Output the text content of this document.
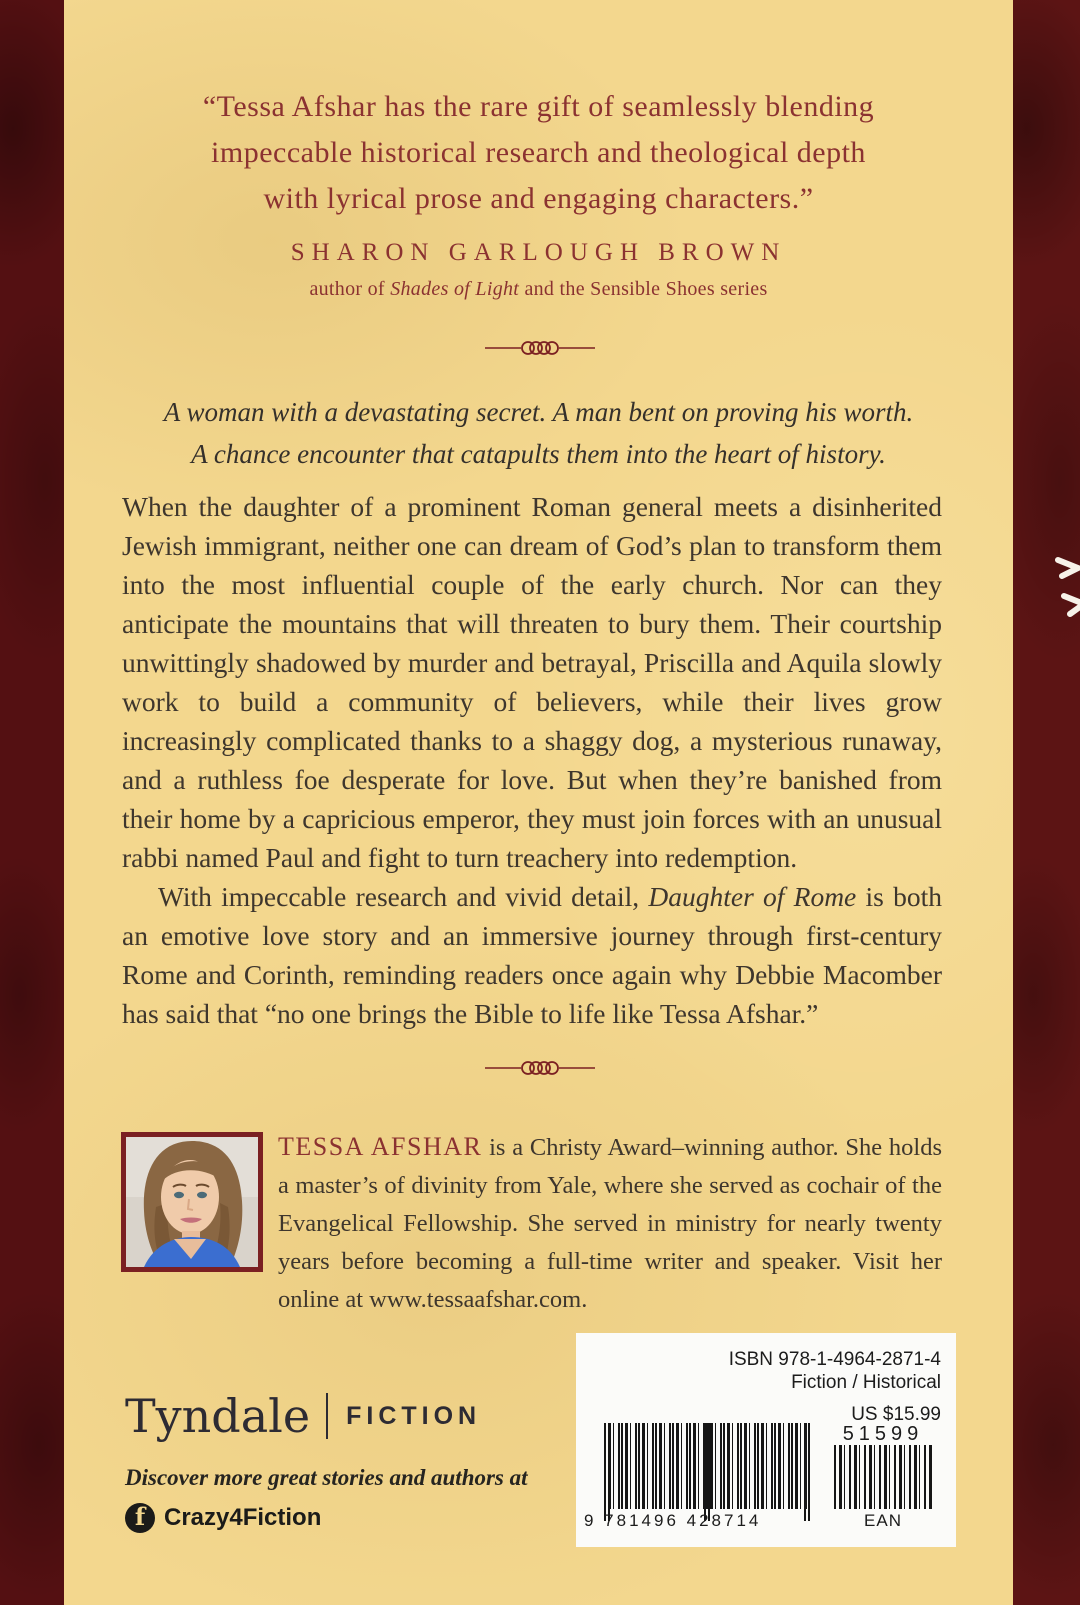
“Tessa Afshar has the rare gift of seamlessly blending
impeccable historical research and theological depth
with lyrical prose and engaging characters.”
SHARON GARLOUGH BROWN
author of Shades of Light and the Sensible Shoes series
A woman with a devastating secret. A man bent on proving his worth.
A chance encounter that catapults them into the heart of history.

When the daughter of a prominent Roman general meets a disinherited Jewish immigrant, neither one can dream of God’s plan to transform them into the most influential couple of the early church. Nor can they anticipate the mountains that will threaten to bury them. Their courtship unwittingly shadowed by murder and betrayal, Priscilla and Aquila slowly work to build a community of believers, while their lives grow increasingly complicated thanks to a shaggy dog, a mysterious runaway, and a ruthless foe desperate for love. But when they’re banished from their home by a capricious emperor, they must join forces with an unusual rabbi named Paul and fight to turn treachery into redemption.

With impeccable research and vivid detail, Daughter of Rome is both an emotive love story and an immersive journey through first-century Rome and Corinth, reminding readers once again why Debbie Macomber has said that “no one brings the Bible to life like Tessa Afshar.”

TESSA AFSHAR is a Christy Award–winning author. She holds a master’s of divinity from Yale, where she served as cochair of the Evangelical Fellowship. She served in ministry for nearly twenty years before becoming a full-time writer and speaker. Visit her online at www.tessaafshar.com.
Tyndale FICTION
Discover more great stories and authors at
f Crazy4Fiction
ISBN 978-1-4964-2871-4
Fiction / Historical
US $15.99
51599
9 781496 428714	EAN
